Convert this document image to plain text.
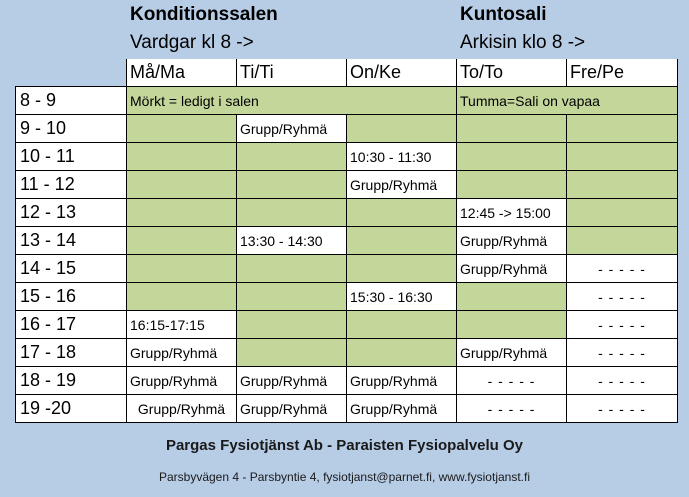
Konditionssalen
Vardgar kl 8 ->
Kuntosali
Arkisin klo 8 ->
	Må/Ma	Ti/Ti	On/Ke	To/To	Fre/Pe
8 - 9	Mörkt = ledigt i salen			Tumma=Sali on vapaa	
9 - 10		Grupp/Ryhmä			
10 - 11			10:30 - 11:30		
11 - 12			Grupp/Ryhmä		
12 - 13				12:45 -> 15:00	
13 - 14		13:30 - 14:30		Grupp/Ryhmä	
14 - 15				Grupp/Ryhmä	- - - - -
15 - 16			15:30 - 16:30		- - - - -
16 - 17	16:15-17:15				- - - - -
17 - 18	Grupp/Ryhmä			Grupp/Ryhmä	- - - - -
18 - 19	Grupp/Ryhmä	Grupp/Ryhmä	Grupp/Ryhmä	- - - - -	- - - - -
19 -20	Grupp/Ryhmä	Grupp/Ryhmä	Grupp/Ryhmä	- - - - -	- - - - -
Pargas Fysiotjänst Ab - Paraisten Fysiopalvelu Oy
Parsbyvägen 4 - Parsbyntie 4, fysiotjanst@parnet.fi, www.fysiotjanst.fi
